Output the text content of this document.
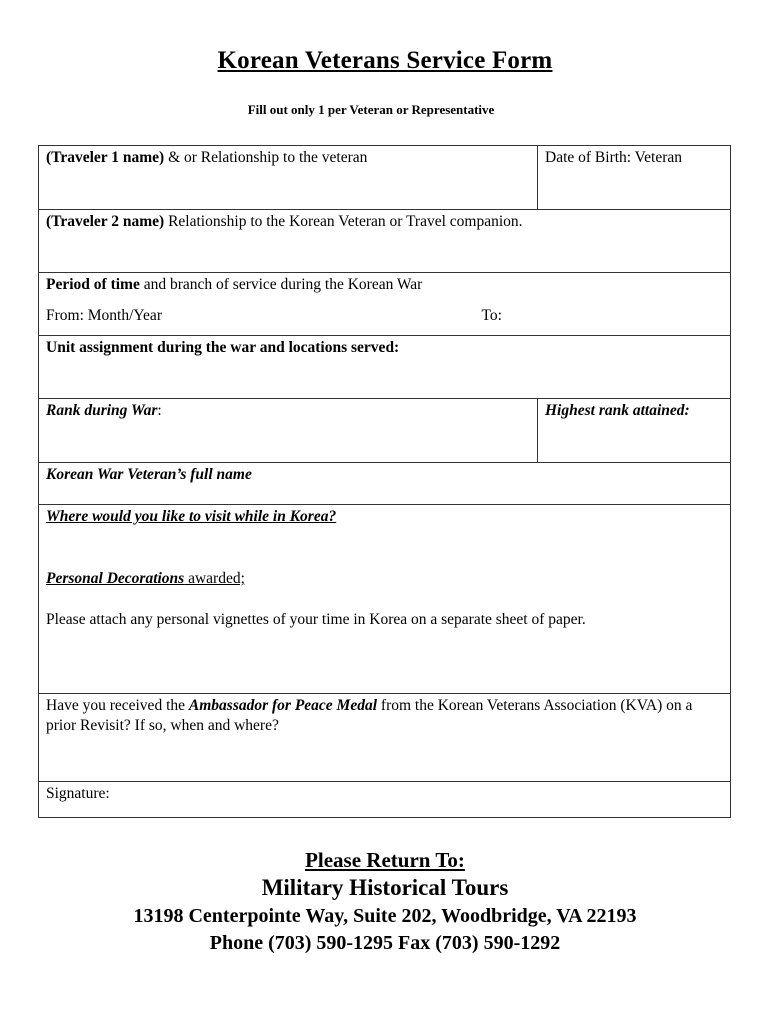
Korean Veterans Service Form
Fill out only 1 per Veteran or Representative
(Traveler 1 name) & or Relationship to the veteran	Date of Birth: Veteran
(Traveler 2 name) Relationship to the Korean Veteran or Travel companion.	
Period of time and branch of service during the Korean War
From: Month/Year To:	

Unit assignment during the war and locations served:	
Rank during War:	Highest rank attained:
Korean War Veteran’s full name	

Where would you like to visit while in Korea?
Personal Decorations awarded;
Please attach any personal vignettes of your time in Korea on a separate sheet of paper.	

Have you received the Ambassador for Peace Medal from the Korean Veterans Association (KVA) on a prior Revisit? If so, when and where?	
Signature:	
Please Return To:
Military Historical Tours
13198 Centerpointe Way, Suite 202, Woodbridge, VA 22193
Phone (703) 590-1295 Fax (703) 590-1292
